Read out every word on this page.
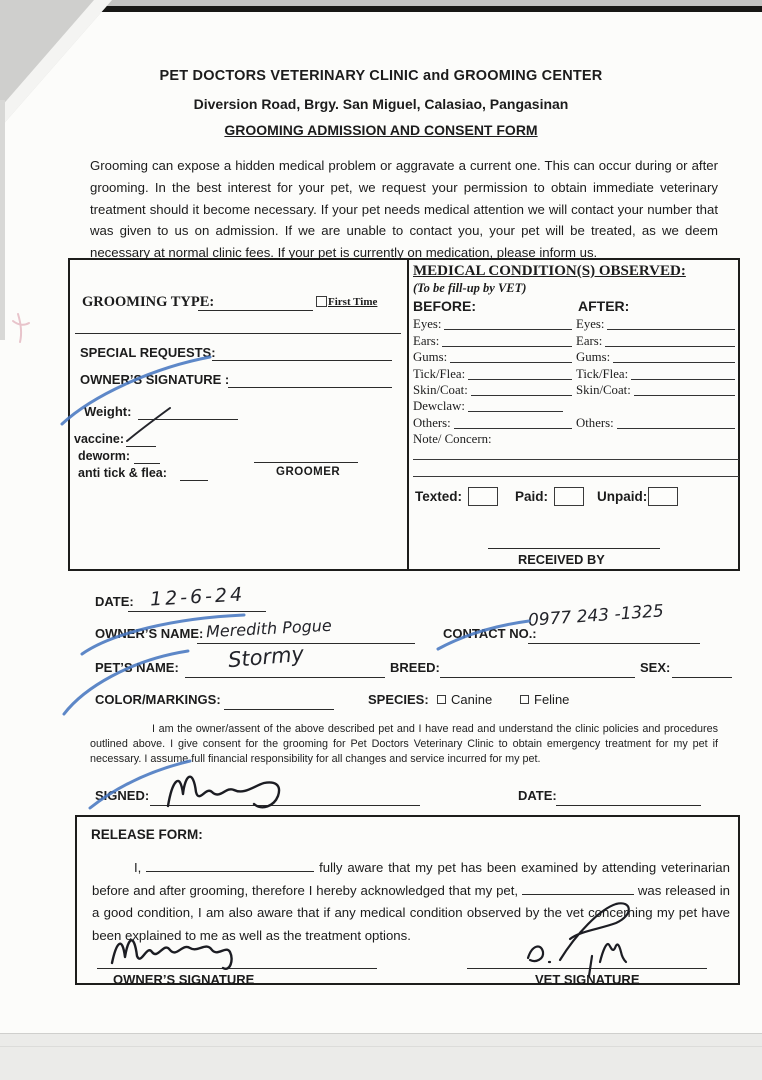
PET DOCTORS VETERINARY CLINIC and GROOMING CENTER
Diversion Road, Brgy. San Miguel, Calasiao, Pangasinan
GROOMING ADMISSION AND CONSENT FORM
Grooming can expose a hidden medical problem or aggravate a current one. This can occur during or after grooming. In the best interest for your pet, we request your permission to obtain immediate veterinary treatment should it become necessary. If your pet needs medical attention we will contact your number that was given to us on admission. If we are unable to contact you, your pet will be treated, as we deem necessary at normal clinic fees. If your pet is currently on medication, please inform us.
GROOMING TYPE:	First Time
SPECIAL REQUESTS:
OWNER’S SIGNATURE :
Weight:
vaccine:
deworm:
anti tick & flea:	GROOMER
MEDICAL CONDITION(S) OBSERVED:
(To be fill-up by VET)
BEFORE:	AFTER:
Eyes:	Eyes:
Ears:	Ears:
Gums:	Gums:
Tick/Flea:	Tick/Flea:
Skin/Coat:	Skin/Coat:
Dewclaw:
Others:	Others:
Note/ Concern:
Texted:	Paid:	Unpaid:
RECEIVED BY
DATE: 12-6-24
OWNER’S NAME: Meredith Pogue	CONTACT NO.:
0977 243 -1325
PET’S NAME: Stormy	BREED:	SEX:
COLOR/MARKINGS:	SPECIES: Canine	Feline
I am the owner/assent of the above described pet and I have read and understand the clinic policies and procedures outlined above. I give consent for the grooming for Pet Doctors Veterinary Clinic to obtain emergency treatment for my pet if necessary. I assume full financial responsibility for all changes and service incurred for my pet.
SIGNED:	DATE:
RELEASE FORM:
I,	fully aware that my pet has been examined by attending veterinarian before and after grooming, therefore I hereby acknowledged that my pet,	was released in a good condition, I am also aware that if any medical condition observed by the vet concerning my pet have been explained to me as well as the treatment options.
OWNER’S SIGNATURE	VET SIGNATURE
